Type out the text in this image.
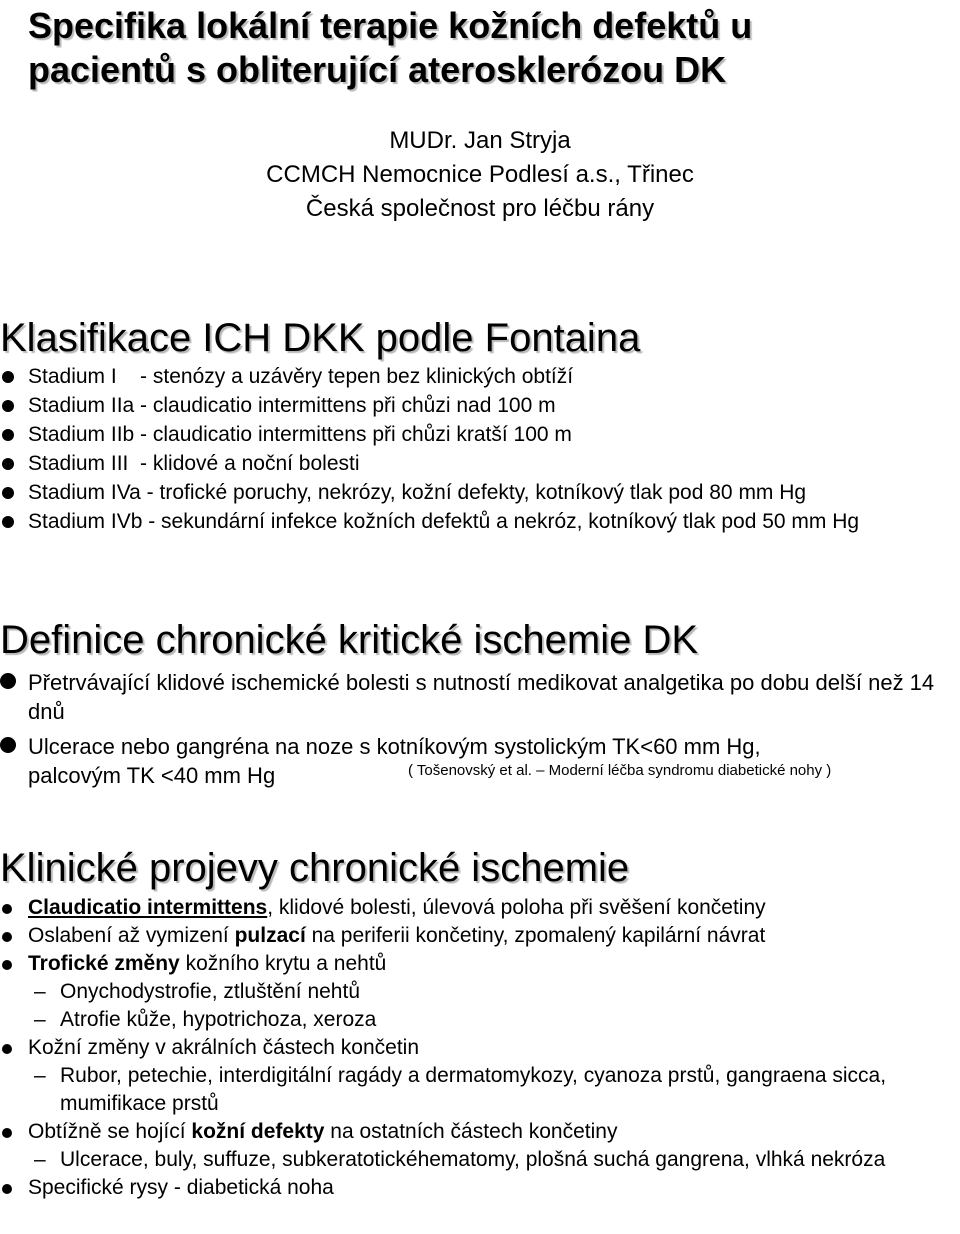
Specifika lokální terapie kožních defektů u
pacientů s obliterující aterosklerózou DK
MUDr. Jan Stryja
CCMCH Nemocnice Podlesí a.s., Třinec
Česká společnost pro léčbu rány
Klasifikace ICH DKK podle Fontaina
Stadium I    - stenózy a uzávěry tepen bez klinických obtíží
Stadium IIa - claudicatio intermittens při chůzi nad 100 m
Stadium IIb - claudicatio intermittens při chůzi kratší 100 m
Stadium III  - klidové a noční bolesti
Stadium IVa - trofické poruchy, nekrózy, kožní defekty, kotníkový tlak pod 80 mm Hg
Stadium IVb - sekundární infekce kožních defektů a nekróz, kotníkový tlak pod 50 mm Hg
Definice chronické kritické ischemie DK
Přetrvávající klidové ischemické bolesti s nutností medikovat analgetika po dobu delší než 14 dnů
Ulcerace nebo gangréna na noze s kotníkovým systolickým TK<60 mm Hg,
palcovým TK <40 mm Hg	( Tošenovský et al. – Moderní léčba syndromu diabetické nohy )
Klinické projevy chronické ischemie
Claudicatio intermittens, klidové bolesti, úlevová poloha při svěšení končetiny
Oslabení až vymizení pulzací na periferii končetiny, zpomalený kapilární návrat
Trofické změny kožního krytu a nehtů
– Onychodystrofie, ztluštění nehtů
– Atrofie kůže, hypotrichoza, xeroza
Kožní změny v akrálních částech končetin
– Rubor, petechie, interdigitální ragády a dermatomykozy, cyanoza prstů, gangraena sicca, mumifikace prstů
Obtížně se hojící kožní defekty na ostatních částech končetiny
– Ulcerace, buly, suffuze, subkeratotickéhematomy, plošná suchá gangrena, vlhká nekróza
Specifické rysy - diabetická noha
